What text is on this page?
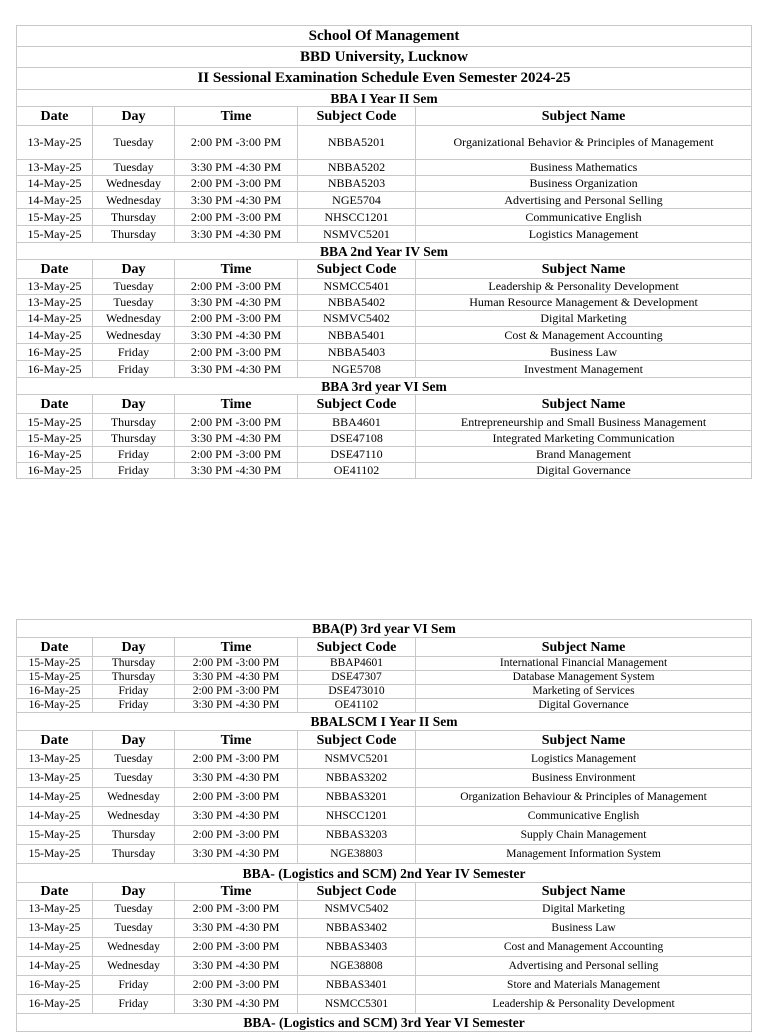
School Of Management				
BBD University, Lucknow				
II Sessional Examination Schedule Even Semester 2024-25				
BBA I Year II Sem				
Date	Day	Time	Subject Code	Subject Name
13-May-25	Tuesday	2:00 PM -3:00 PM	NBBA5201	Organizational Behavior & Principles of Management
13-May-25	Tuesday	3:30 PM -4:30 PM	NBBA5202	Business Mathematics
14-May-25	Wednesday	2:00 PM -3:00 PM	NBBA5203	Business Organization
14-May-25	Wednesday	3:30 PM -4:30 PM	NGE5704	Advertising and Personal Selling
15-May-25	Thursday	2:00 PM -3:00 PM	NHSCC1201	Communicative English
15-May-25	Thursday	3:30 PM -4:30 PM	NSMVC5201	Logistics Management
BBA 2nd Year IV Sem				
Date	Day	Time	Subject Code	Subject Name
13-May-25	Tuesday	2:00 PM -3:00 PM	NSMCC5401	Leadership & Personality Development
13-May-25	Tuesday	3:30 PM -4:30 PM	NBBA5402	Human Resource Management & Development
14-May-25	Wednesday	2:00 PM -3:00 PM	NSMVC5402	Digital Marketing
14-May-25	Wednesday	3:30 PM -4:30 PM	NBBA5401	Cost & Management Accounting
16-May-25	Friday	2:00 PM -3:00 PM	NBBA5403	Business Law
16-May-25	Friday	3:30 PM -4:30 PM	NGE5708	Investment Management
BBA 3rd year VI Sem				
Date	Day	Time	Subject Code	Subject Name
15-May-25	Thursday	2:00 PM -3:00 PM	BBA4601	Entrepreneurship and Small Business Management
15-May-25	Thursday	3:30 PM -4:30 PM	DSE47108	Integrated Marketing Communication
16-May-25	Friday	2:00 PM -3:00 PM	DSE47110	Brand Management
16-May-25	Friday	3:30 PM -4:30 PM	OE41102	Digital Governance
BBA(P) 3rd year VI Sem				
Date	Day	Time	Subject Code	Subject Name
15-May-25	Thursday	2:00 PM -3:00 PM	BBAP4601	International Financial Management
15-May-25	Thursday	3:30 PM -4:30 PM	DSE47307	Database Management System
16-May-25	Friday	2:00 PM -3:00 PM	DSE473010	Marketing of Services
16-May-25	Friday	3:30 PM -4:30 PM	OE41102	Digital Governance
BBALSCM I Year II Sem				
Date	Day	Time	Subject Code	Subject Name
13-May-25	Tuesday	2:00 PM -3:00 PM	NSMVC5201	Logistics Management
13-May-25	Tuesday	3:30 PM -4:30 PM	NBBAS3202	Business Environment
14-May-25	Wednesday	2:00 PM -3:00 PM	NBBAS3201	Organization Behaviour & Principles of Management
14-May-25	Wednesday	3:30 PM -4:30 PM	NHSCC1201	Communicative English
15-May-25	Thursday	2:00 PM -3:00 PM	NBBAS3203	Supply Chain Management
15-May-25	Thursday	3:30 PM -4:30 PM	NGE38803	Management Information System
BBA- (Logistics and SCM) 2nd Year IV Semester				
Date	Day	Time	Subject Code	Subject Name
13-May-25	Tuesday	2:00 PM -3:00 PM	NSMVC5402	Digital Marketing
13-May-25	Tuesday	3:30 PM -4:30 PM	NBBAS3402	Business Law
14-May-25	Wednesday	2:00 PM -3:00 PM	NBBAS3403	Cost and Management Accounting
14-May-25	Wednesday	3:30 PM -4:30 PM	NGE38808	Advertising and Personal selling
16-May-25	Friday	2:00 PM -3:00 PM	NBBAS3401	Store and Materials Management
16-May-25	Friday	3:30 PM -4:30 PM	NSMCC5301	Leadership & Personality Development
BBA- (Logistics and SCM) 3rd Year VI Semester				
